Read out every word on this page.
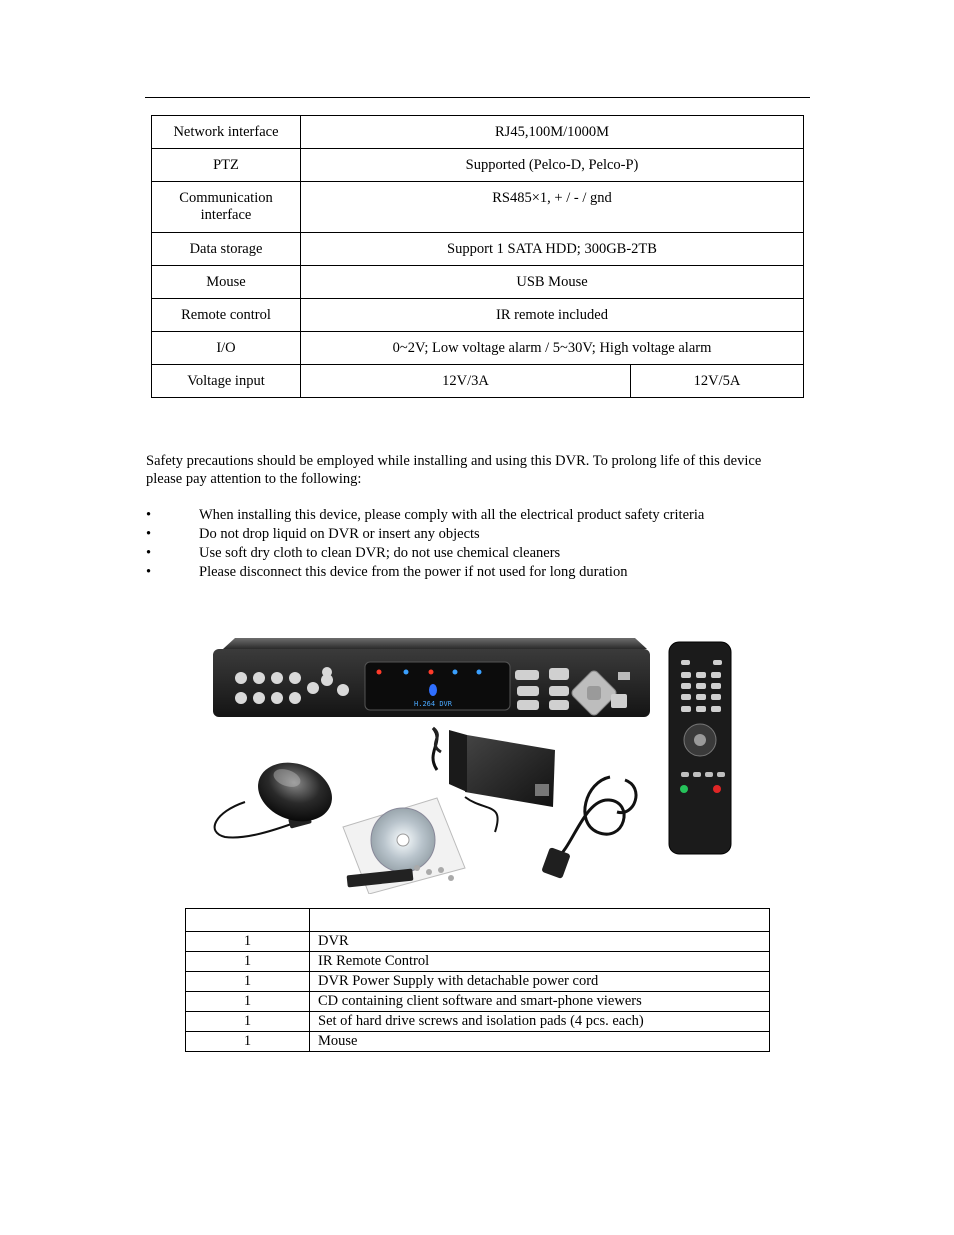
Network interface	RJ45,100M/1000M	
PTZ	Supported (Pelco-D, Pelco-P)	
Communication interface	RS485×1, + / - / gnd	
Data storage	Support 1 SATA HDD; 300GB-2TB	
Mouse	USB Mouse	
Remote control	IR remote included	
I/O	0~2V; Low voltage alarm / 5~30V; High voltage alarm	
Voltage input	12V/3A	12V/5A

Safety precautions should be employed while installing and using this DVR. To prolong life of this device please pay attention to the following:

•	When installing this device, please comply with all the electrical product safety criteria
•	Do not drop liquid on DVR or insert any objects
•	Use soft dry cloth to clean DVR; do not use chemical cleaners
•	Please disconnect this device from the power if not used for long duration
H.264 DVR

1	DVR
1	IR Remote Control
1	DVR Power Supply with detachable power cord
1	CD containing client software and smart-phone viewers
1	Set of hard drive screws and isolation pads (4 pcs. each)
1	Mouse
